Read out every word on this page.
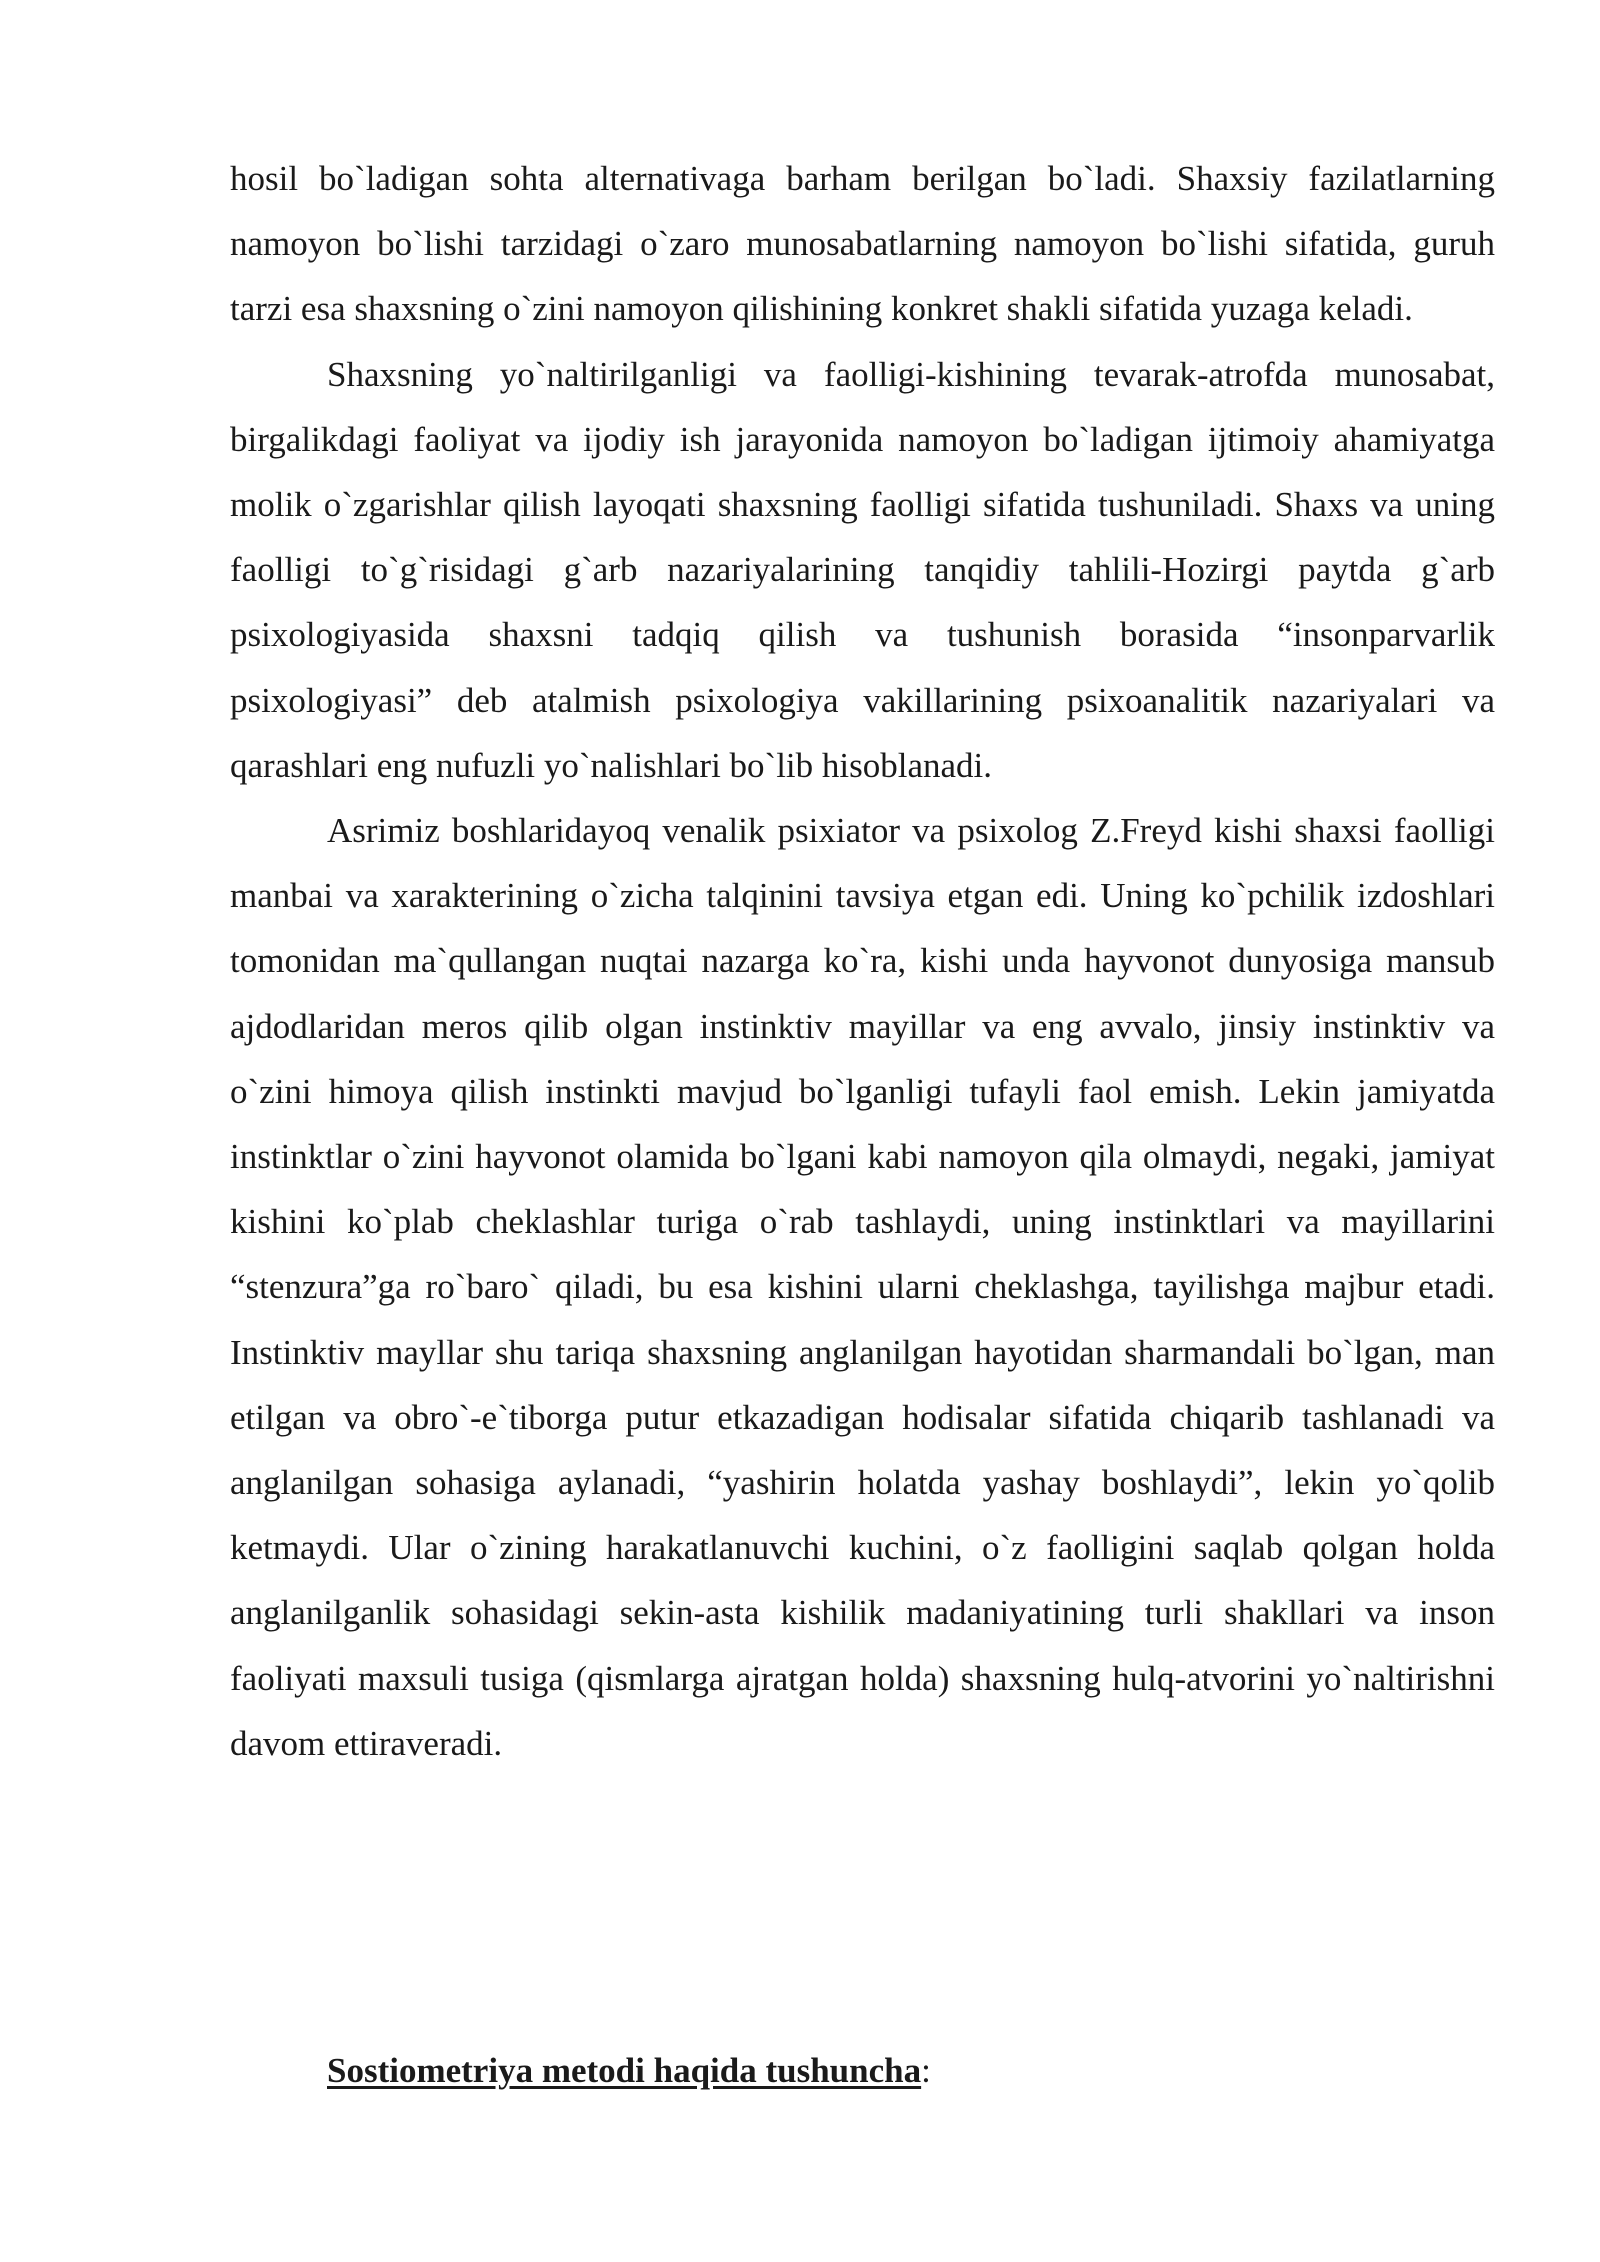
hosil bo`ladigan sohta alternativaga barham berilgan bo`ladi. Shaxsiy fazilatlarning namoyon bo`lishi tarzidagi o`zaro munosabatlarning namoyon bo`lishi sifatida, guruh tarzi esa shaxsning o`zini namoyon qilishining konkret shakli sifatida yuzaga keladi.

Shaxsning yo`naltirilganligi va faolligi-kishining tevarak-atrofda munosabat, birgalikdagi faoliyat va ijodiy ish jarayonida namoyon bo`ladigan ijtimoiy ahamiyatga molik o`zgarishlar qilish layoqati shaxsning faolligi sifatida tushuniladi. Shaxs va uning faolligi to`g`risidagi g`arb nazariyalarining tanqidiy tahlili-Hozirgi paytda g`arb psixologiyasida shaxsni tadqiq qilish va tushunish borasida “insonparvarlik psixologiyasi” deb atalmish psixologiya vakillarining psixoanalitik nazariyalari va qarashlari eng nufuzli yo`nalishlari bo`lib hisoblanadi.

Asrimiz boshlaridayoq venalik psixiator va psixolog Z.Freyd kishi shaxsi faolligi manbai va xarakterining o`zicha talqinini tavsiya etgan edi. Uning ko`pchilik izdoshlari tomonidan ma`qullangan nuqtai nazarga ko`ra, kishi unda hayvonot dunyosiga mansub ajdodlaridan meros qilib olgan instinktiv mayillar va eng avvalo, jinsiy instinktiv va o`zini himoya qilish instinkti mavjud bo`lganligi tufayli faol emish. Lekin jamiyatda instinktlar o`zini hayvonot olamida bo`lgani kabi namoyon qila olmaydi, negaki, jamiyat kishini ko`plab cheklashlar turiga o`rab tashlaydi, uning instinktlari va mayillarini “stenzura”ga ro`baro` qiladi, bu esa kishini ularni cheklashga, tayilishga majbur etadi. Instinktiv mayllar shu tariqa shaxsning anglanilgan hayotidan sharmandali bo`lgan, man etilgan va obro`-e`tiborga putur etkazadigan hodisalar sifatida chiqarib tashlanadi va anglanilgan sohasiga aylanadi, “yashirin holatda yashay boshlaydi”, lekin yo`qolib ketmaydi. Ular o`zining harakatlanuvchi kuchini, o`z faolligini saqlab qolgan holda anglanilganlik sohasidagi sekin-asta kishilik madaniyatining turli shakllari va inson faoliyati maxsuli tusiga (qismlarga ajratgan holda) shaxsning hulq-atvorini yo`naltirishni davom ettiraveradi.

Sostiometriya metodi haqida tushuncha:
